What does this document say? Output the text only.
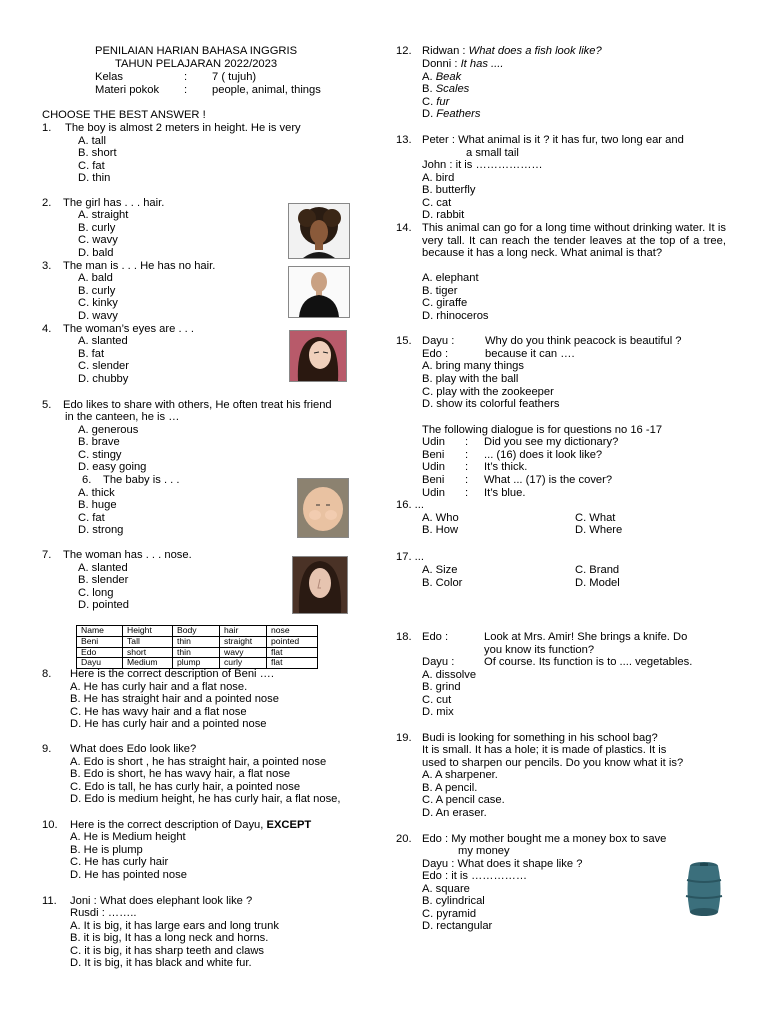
PENILAIAN HARIAN BAHASA INGGRIS
TAHUN PELAJARAN 2022/2023
Kelas	: 7 ( tujuh)
Materi pokok : people, animal, things
CHOOSE THE BEST ANSWER !
1. The boy is almost 2 meters in height. He is very
A. tall
B. short
C. fat
D. thin
2. The girl has . . . hair.
A. straight
B. curly
C. wavy
D. bald
3. The man is . . . He has no hair.
A. bald
B. curly
C. kinky
D. wavy
4. The woman’s eyes are . . .
A. slanted
B. fat
C. slender
D. chubby
5. Edo likes to share with others, He often treat his friend
in the canteen, he is …
A. generous
B. brave
C. stingy
D. easy going
6. The baby is . . .
A. thick
B. huge
C. fat
D. strong
7. The woman has . . . nose.
A. slanted
B. slender
C. long
D. pointed
Name	Height	Body	hair	nose
Beni	Tall	thin	straight	pointed
Edo	short	thin	wavy	flat
Dayu	Medium	plump	curly	flat
8. Here is the correct description of Beni ….
A. He has curly hair and a flat nose.
B. He has straight hair and a pointed nose
C. He has wavy hair and a flat nose
D. He has curly hair and a pointed nose
9. What does Edo look like?
A. Edo is short , he has straight hair, a pointed nose
B. Edo is short, he has wavy hair, a flat nose
C. Edo is tall, he has curly hair, a pointed nose
D. Edo is medium height, he has curly hair, a flat nose,
10. Here is the correct description of Dayu, EXCEPT
A. He is Medium height
B. He is plump
C. He has curly hair
D. He has pointed nose
11. Joni : What does elephant look like ?
Rusdi : ……..
A. It is big, it has large ears and long trunk
B. it is big, It has a long neck and horns.
C. it is big, it has sharp teeth and claws
D. It is big, it has black and white fur.
12. Ridwan : What does a fish look like?
Donni : It has ....
A. Beak
B. Scales
C. fur
D. Feathers
13. Peter : What animal is it ? it has fur, two long ear and
a small tail
John : it is ………………
A. bird
B. butterfly
C. cat
D. rabbit
14. This animal can go for a long time without drinking water. It is very tall. It can reach the tender leaves at the top of a tree, because it has a long neck. What animal is that?
A. elephant
B. tiger
C. giraffe
D. rhinoceros
15. Dayu :	Why do you think peacock is beautiful ?
Edo :	because it can ….
A. bring many things
B. play with the ball
C. play with the zookeeper
D. show its colorful feathers
The following dialogue is for questions no 16 -17
Udin : Did you see my dictionary?
Beni : ... (16) does it look like?
Udin : It’s thick.
Beni : What ... (17) is the cover?
Udin : It’s blue.
16. ...
A. Who
B. How
C. What
D. Where
17. ...
A. Size
B. Color
C. Brand
D. Model
18. Edo :	Look at Mrs. Amir! She brings a knife. Do
you know its function?
Dayu :	Of course. Its function is to .... vegetables.
A. dissolve
B. grind
C. cut
D. mix
19. Budi is looking for something in his school bag?
It is small. It has a hole; it is made of plastics. It is
used to sharpen our pencils. Do you know what it is?
A. A sharpener.
B. A pencil.
C. A pencil case.
D. An eraser.
20. Edo : My mother bought me a money box to save
my money
Dayu : What does it shape like ?
Edo : it is ……………
A. square
B. cylindrical
C. pyramid
D. rectangular
